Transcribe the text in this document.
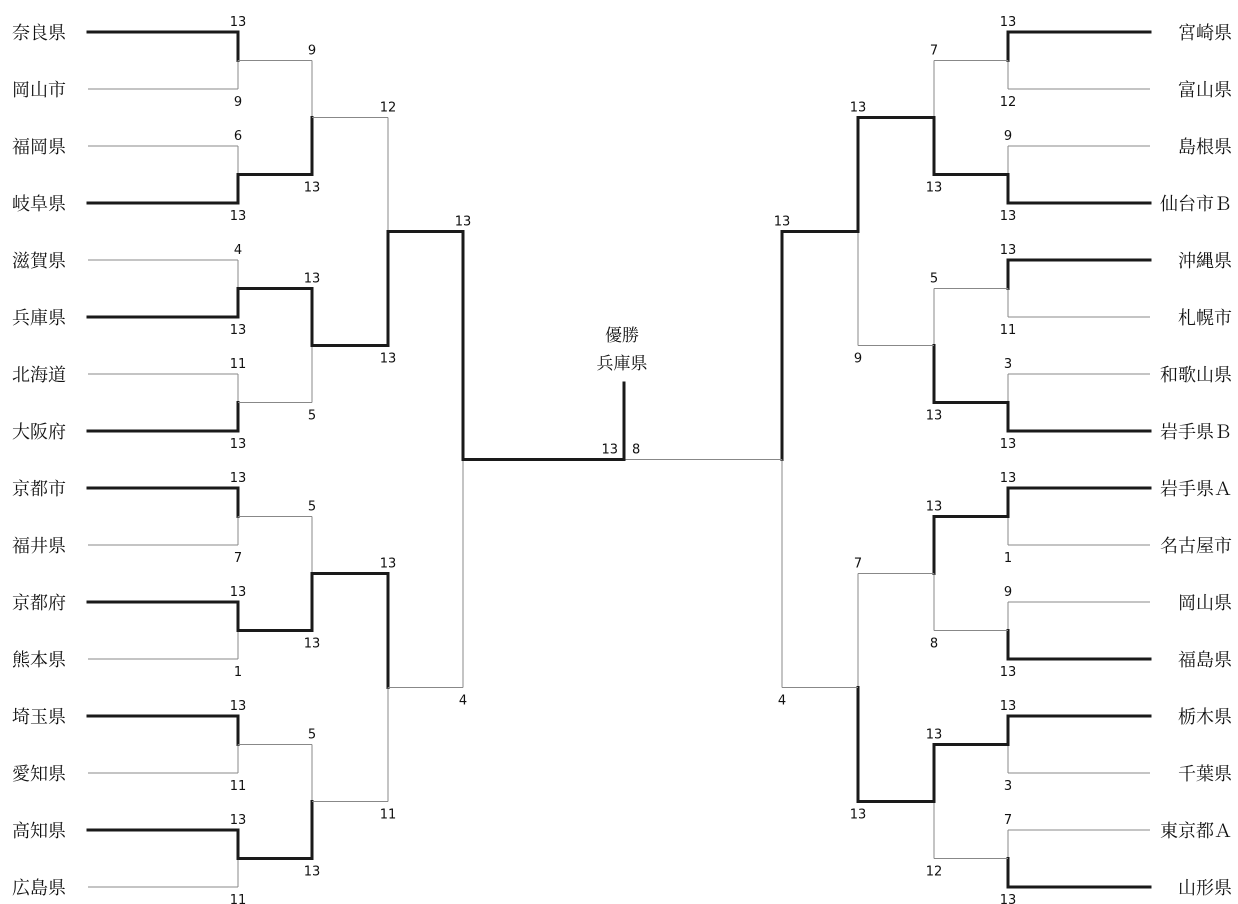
奈良県
岡山市
福岡県
岐阜県
滋賀県
兵庫県
北海道
大阪府
京都市
福井県
京都府
熊本県
埼玉県
愛知県
高知県
広島県
13
9
6
13
4
13
11
13
13
7
13
1
13
11
13
11
9
13
13
5
5
13
5
13
12
13
13
11
13
4
宮崎県
富山県
島根県
仙台市Ｂ
沖縄県
札幌市
和歌山県
岩手県Ｂ
岩手県Ａ
名古屋市
岡山県
福島県
栃木県
千葉県
東京都Ａ
山形県
13
12
9
13
13
11
3
13
13
1
9
13
13
3
7
13
7
13
5
13
13
8
13
12
13
9
7
13
13
4
13 8
優勝
兵庫県
